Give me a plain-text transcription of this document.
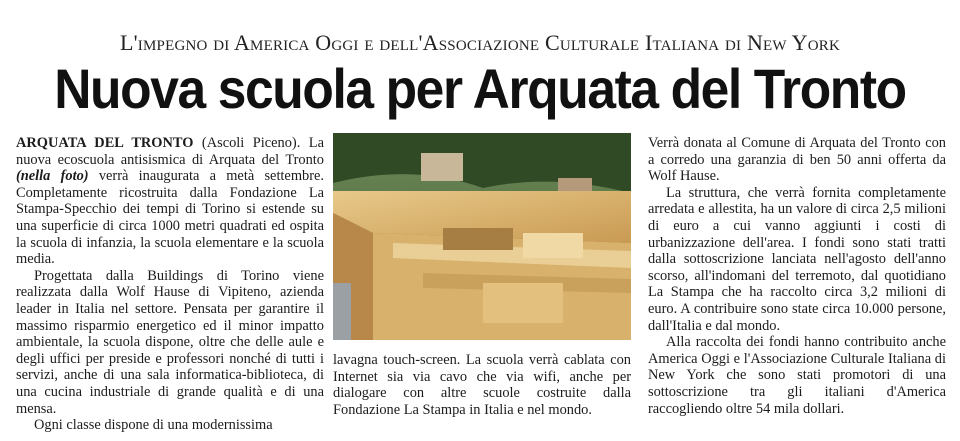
L'impegno di America Oggi e dell'Associazione Culturale Italiana di New York
Nuova scuola per Arquata del Tronto

ARQUATA DEL TRONTO (Ascoli Piceno). La nuova ecoscuola antisismica di Arquata del Tronto (nella foto) verrà inaugurata a metà settembre. Completamente ricostruita dalla Fondazione La Stampa-Specchio dei tempi di Torino si estende su una superficie di circa 1000 metri quadrati ed ospita la scuola di infanzia, la scuola elementare e la scuola media.

Progettata dalla Buildings di Torino viene realizzata dalla Wolf Hause di Vipiteno, azienda leader in Italia nel settore. Pensata per garantire il massimo risparmio energetico ed il minor impatto ambientale, la scuola dispone, oltre che delle aule e degli uffici per preside e professori nonché di tutti i servizi, anche di una sala informatica-biblioteca, di una cucina industriale di grande qualità e di una mensa.

Ogni classe dispone di una modernissima

lavagna touch-screen. La scuola verrà cablata con Internet sia via cavo che via wifi, anche per dialogare con altre scuole costruite dalla Fondazione La Stampa in Italia e nel mondo.

Verrà donata al Comune di Arquata del Tronto con a corredo una garanzia di ben 50 anni offerta da Wolf Hause.

La struttura, che verrà fornita completamente arredata e allestita, ha un valore di circa 2,5 milioni di euro a cui vanno aggiunti i costi di urbanizzazione dell'area. I fondi sono stati tratti dalla sottoscrizione lanciata nell'agosto dell'anno scorso, all'indomani del terremoto, dal quotidiano La Stampa che ha raccolto circa 3,2 milioni di euro. A contribuire sono state circa 10.000 persone, dall'Italia e dal mondo.

Alla raccolta dei fondi hanno contribuito anche America Oggi e l'Associazione Culturale Italiana di New York che sono stati promotori di una sottoscrizione tra gli italiani d'America raccogliendo oltre 54 mila dollari.
